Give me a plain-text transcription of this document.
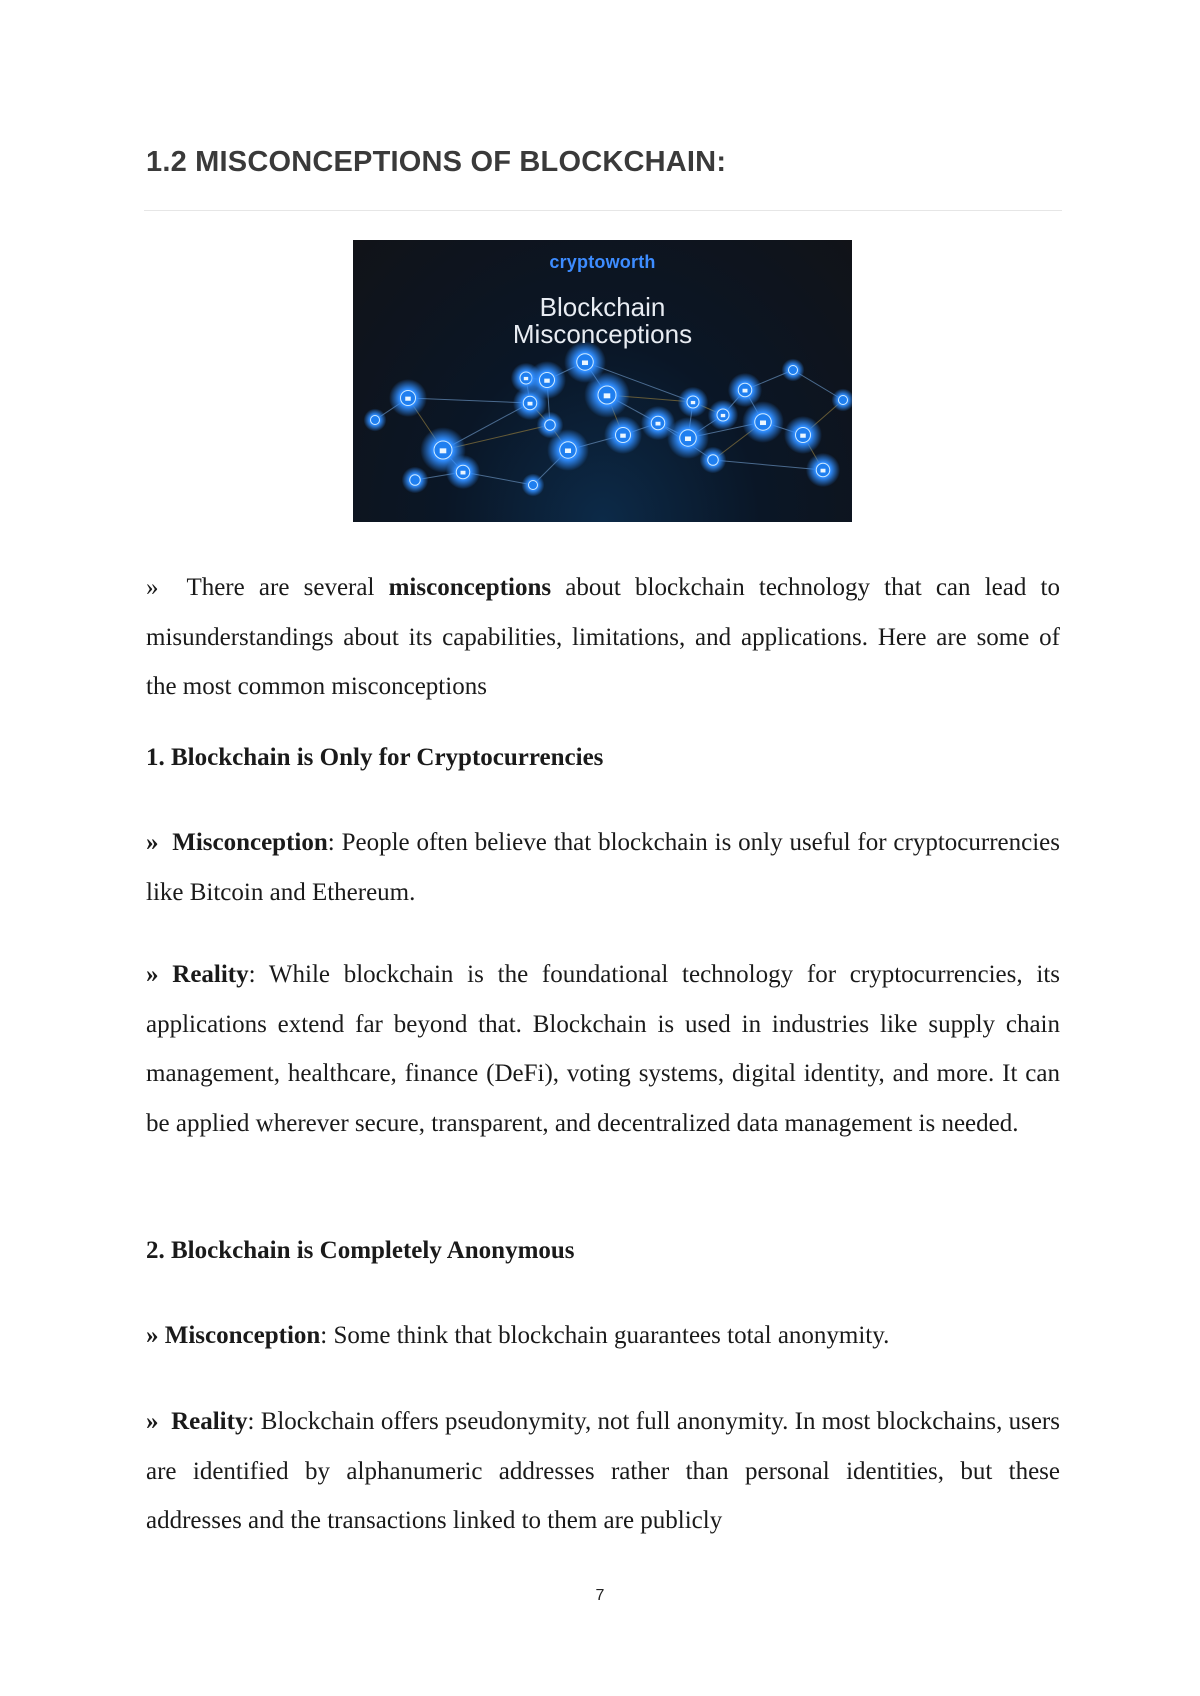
1.2 MISCONCEPTIONS OF BLOCKCHAIN:
cryptoworth
Blockchain
Misconceptions

» There are several misconceptions about blockchain technology that can lead to misunderstandings about its capabilities, limitations, and applications. Here are some of the most common misconceptions

1. Blockchain is Only for Cryptocurrencies

» Misconception: People often believe that blockchain is only useful for cryptocurrencies like Bitcoin and Ethereum.

» Reality: While blockchain is the foundational technology for cryptocurrencies, its applications extend far beyond that. Blockchain is used in industries like supply chain management, healthcare, finance (DeFi), voting systems, digital identity, and more. It can be applied wherever secure, transparent, and decentralized data management is needed.

2. Blockchain is Completely Anonymous

» Misconception: Some think that blockchain guarantees total anonymity.

» Reality: Blockchain offers pseudonymity, not full anonymity. In most blockchains, users are identified by alphanumeric addresses rather than personal identities, but these addresses and the transactions linked to them are publicly

7
